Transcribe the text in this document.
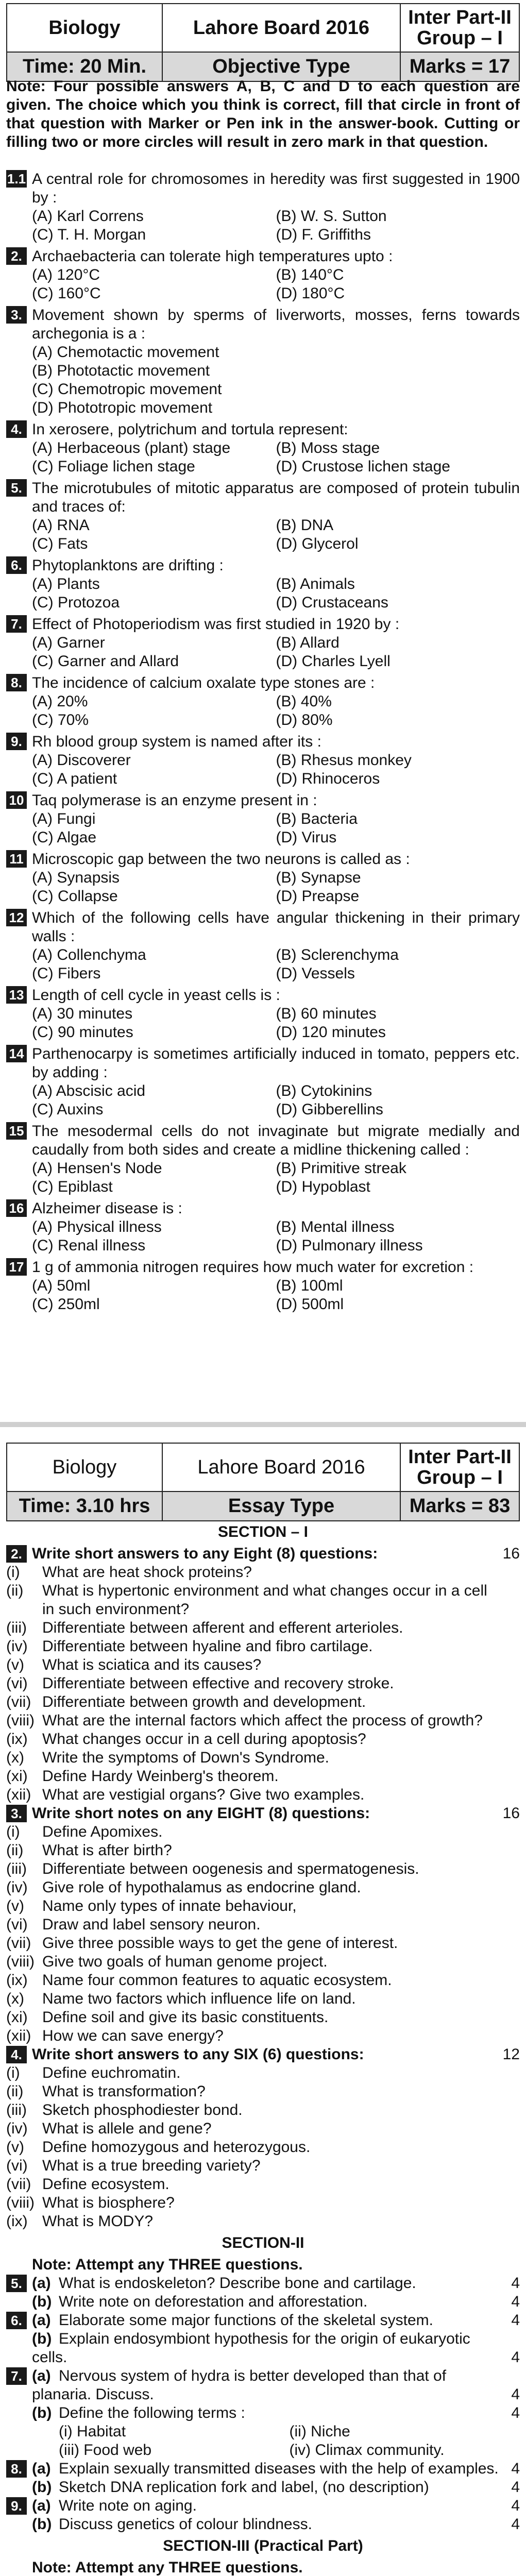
Biology	Lahore Board 2016	Inter Part-II
Group – I
Time: 20 Min.	Objective Type	Marks = 17
Note: Four possible answers A, B, C and D to each question are given. The choice which you think is correct, fill that circle in front of that question with Marker or Pen ink in the answer-book. Cutting or filling two or more circles will result in zero mark in that question.
1.1 A central role for chromosomes in heredity was first suggested in 1900 by :
(A) Karl Correns	(B) W. S. Sutton
(C) T. H. Morgan	(D) F. Griffiths
2. Archaebacteria can tolerate high temperatures upto :
(A) 120°C	(B) 140°C
(C) 160°C	(D) 180°C
3. Movement shown by sperms of liverworts, mosses, ferns towards archegonia is a :
(A) Chemotactic movement
(B) Phototactic movement
(C) Chemotropic movement
(D) Phototropic movement
4. In xerosere, polytrichum and tortula represent:
(A) Herbaceous (plant) stage	(B) Moss stage
(C) Foliage lichen stage	(D) Crustose lichen stage
5. The microtubules of mitotic apparatus are composed of protein tubulin and traces of:
(A) RNA	(B) DNA
(C) Fats	(D) Glycerol
6. Phytoplanktons are drifting :
(A) Plants	(B) Animals
(C) Protozoa	(D) Crustaceans
7. Effect of Photoperiodism was first studied in 1920 by :
(A) Garner	(B) Allard
(C) Garner and Allard	(D) Charles Lyell
8. The incidence of calcium oxalate type stones are :
(A) 20%	(B) 40%
(C) 70%	(D) 80%
9. Rh blood group system is named after its :
(A) Discoverer	(B) Rhesus monkey
(C) A patient	(D) Rhinoceros
10 Taq polymerase is an enzyme present in :
(A) Fungi	(B) Bacteria
(C) Algae	(D) Virus
11 Microscopic gap between the two neurons is called as :
(A) Synapsis	(B) Synapse
(C) Collapse	(D) Preapse
12 Which of the following cells have angular thickening in their primary walls :
(A) Collenchyma	(B) Sclerenchyma
(C) Fibers	(D) Vessels
13 Length of cell cycle in yeast cells is :
(A) 30 minutes	(B) 60 minutes
(C) 90 minutes	(D) 120 minutes
14 Parthenocarpy is sometimes artificially induced in tomato, peppers etc. by adding :
(A) Abscisic acid	(B) Cytokinins
(C) Auxins	(D) Gibberellins
15 The mesodermal cells do not invaginate but migrate medially and caudally from both sides and create a midline thickening called :
(A) Hensen's Node	(B) Primitive streak
(C) Epiblast	(D) Hypoblast
16 Alzheimer disease is :
(A) Physical illness	(B) Mental illness
(C) Renal illness	(D) Pulmonary illness
17 1 g of ammonia nitrogen requires how much water for excretion :
(A) 50ml	(B) 100ml
(C) 250ml	(D) 500ml
Biology	Lahore Board 2016	Inter Part-II
Group – I
Time: 3.10 hrs	Essay Type	Marks = 83
SECTION – I
2. Write short answers to any Eight (8) questions:	16
(i)	What are heat shock proteins?
(ii)	What is hypertonic environment and what changes occur in a cell in such environment?
(iii)	Differentiate between afferent and efferent arterioles.
(iv) Differentiate between hyaline and fibro cartilage.
(v)	What is sciatica and its causes?
(vi) Differentiate between effective and recovery stroke.
(vii) Differentiate between growth and development.
(viii) What are the internal factors which affect the process of growth?
(ix) What changes occur in a cell during apoptosis?
(x)	Write the symptoms of Down's Syndrome.
(xi) Define Hardy Weinberg's theorem.
(xii) What are vestigial organs? Give two examples.
3. Write short notes on any EIGHT (8) questions:	16
(i)	Define Apomixes.
(ii)	What is after birth?
(iii)	Differentiate between oogenesis and spermatogenesis.
(iv) Give role of hypothalamus as endocrine gland.
(v)	Name only types of innate behaviour,
(vi) Draw and label sensory neuron.
(vii) Give three possible ways to get the gene of interest.
(viii) Give two goals of human genome project.
(ix) Name four common features to aquatic ecosystem.
(x)	Name two factors which influence life on land.
(xi) Define soil and give its basic constituents.
(xii) How we can save energy?
4. Write short answers to any SIX (6) questions:	12
(i)	Define euchromatin.
(ii)	What is transformation?
(iii)	Sketch phosphodiester bond.
(iv) What is allele and gene?
(v)	Define homozygous and heterozygous.
(vi) What is a true breeding variety?
(vii) Define ecosystem.
(viii) What is biosphere?
(ix) What is MODY?
SECTION-II
Note: Attempt any THREE questions.
5. (a) What is endoskeleton? Describe bone and cartilage.	4
(b) Write note on deforestation and afforestation.	4
6. (a) Elaborate some major functions of the skeletal system.	4
(b) Explain endosymbiont hypothesis for the origin of eukaryotic cells.	4
7. (a) Nervous system of hydra is better developed than that of planaria. Discuss.	4
(b) Define the following terms :	4
(i) Habitat	(ii) Niche
(iii) Food web	(iv) Climax community.
8. (a) Explain sexually transmitted diseases with the help of examples. 4
(b) Sketch DNA replication fork and label, (no description)	4
9. (a) Write note on aging.	4
(b) Discuss genetics of colour blindness.	4
SECTION-III (Practical Part)
Note: Attempt any THREE questions.
